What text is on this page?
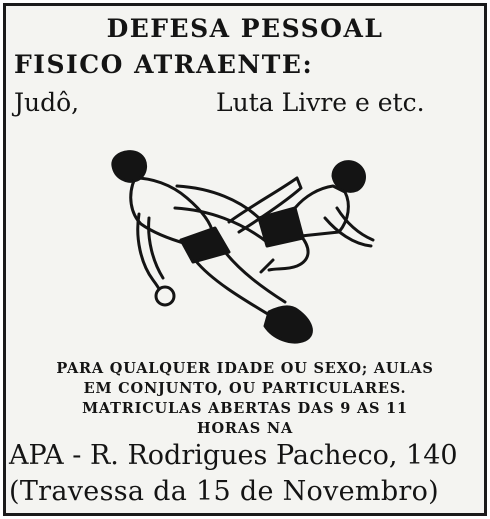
DEFESA PESSOAL
FISICO ATRAENTE:
Judô,	Luta Livre e etc.
PARA QUALQUER IDADE OU SEXO; AULAS
EM CONJUNTO, OU PARTICULARES.
MATRICULAS ABERTAS DAS 9 AS 11
HORAS NA
APA - R. Rodrigues Pacheco, 140
(Travessa da 15 de Novembro)
